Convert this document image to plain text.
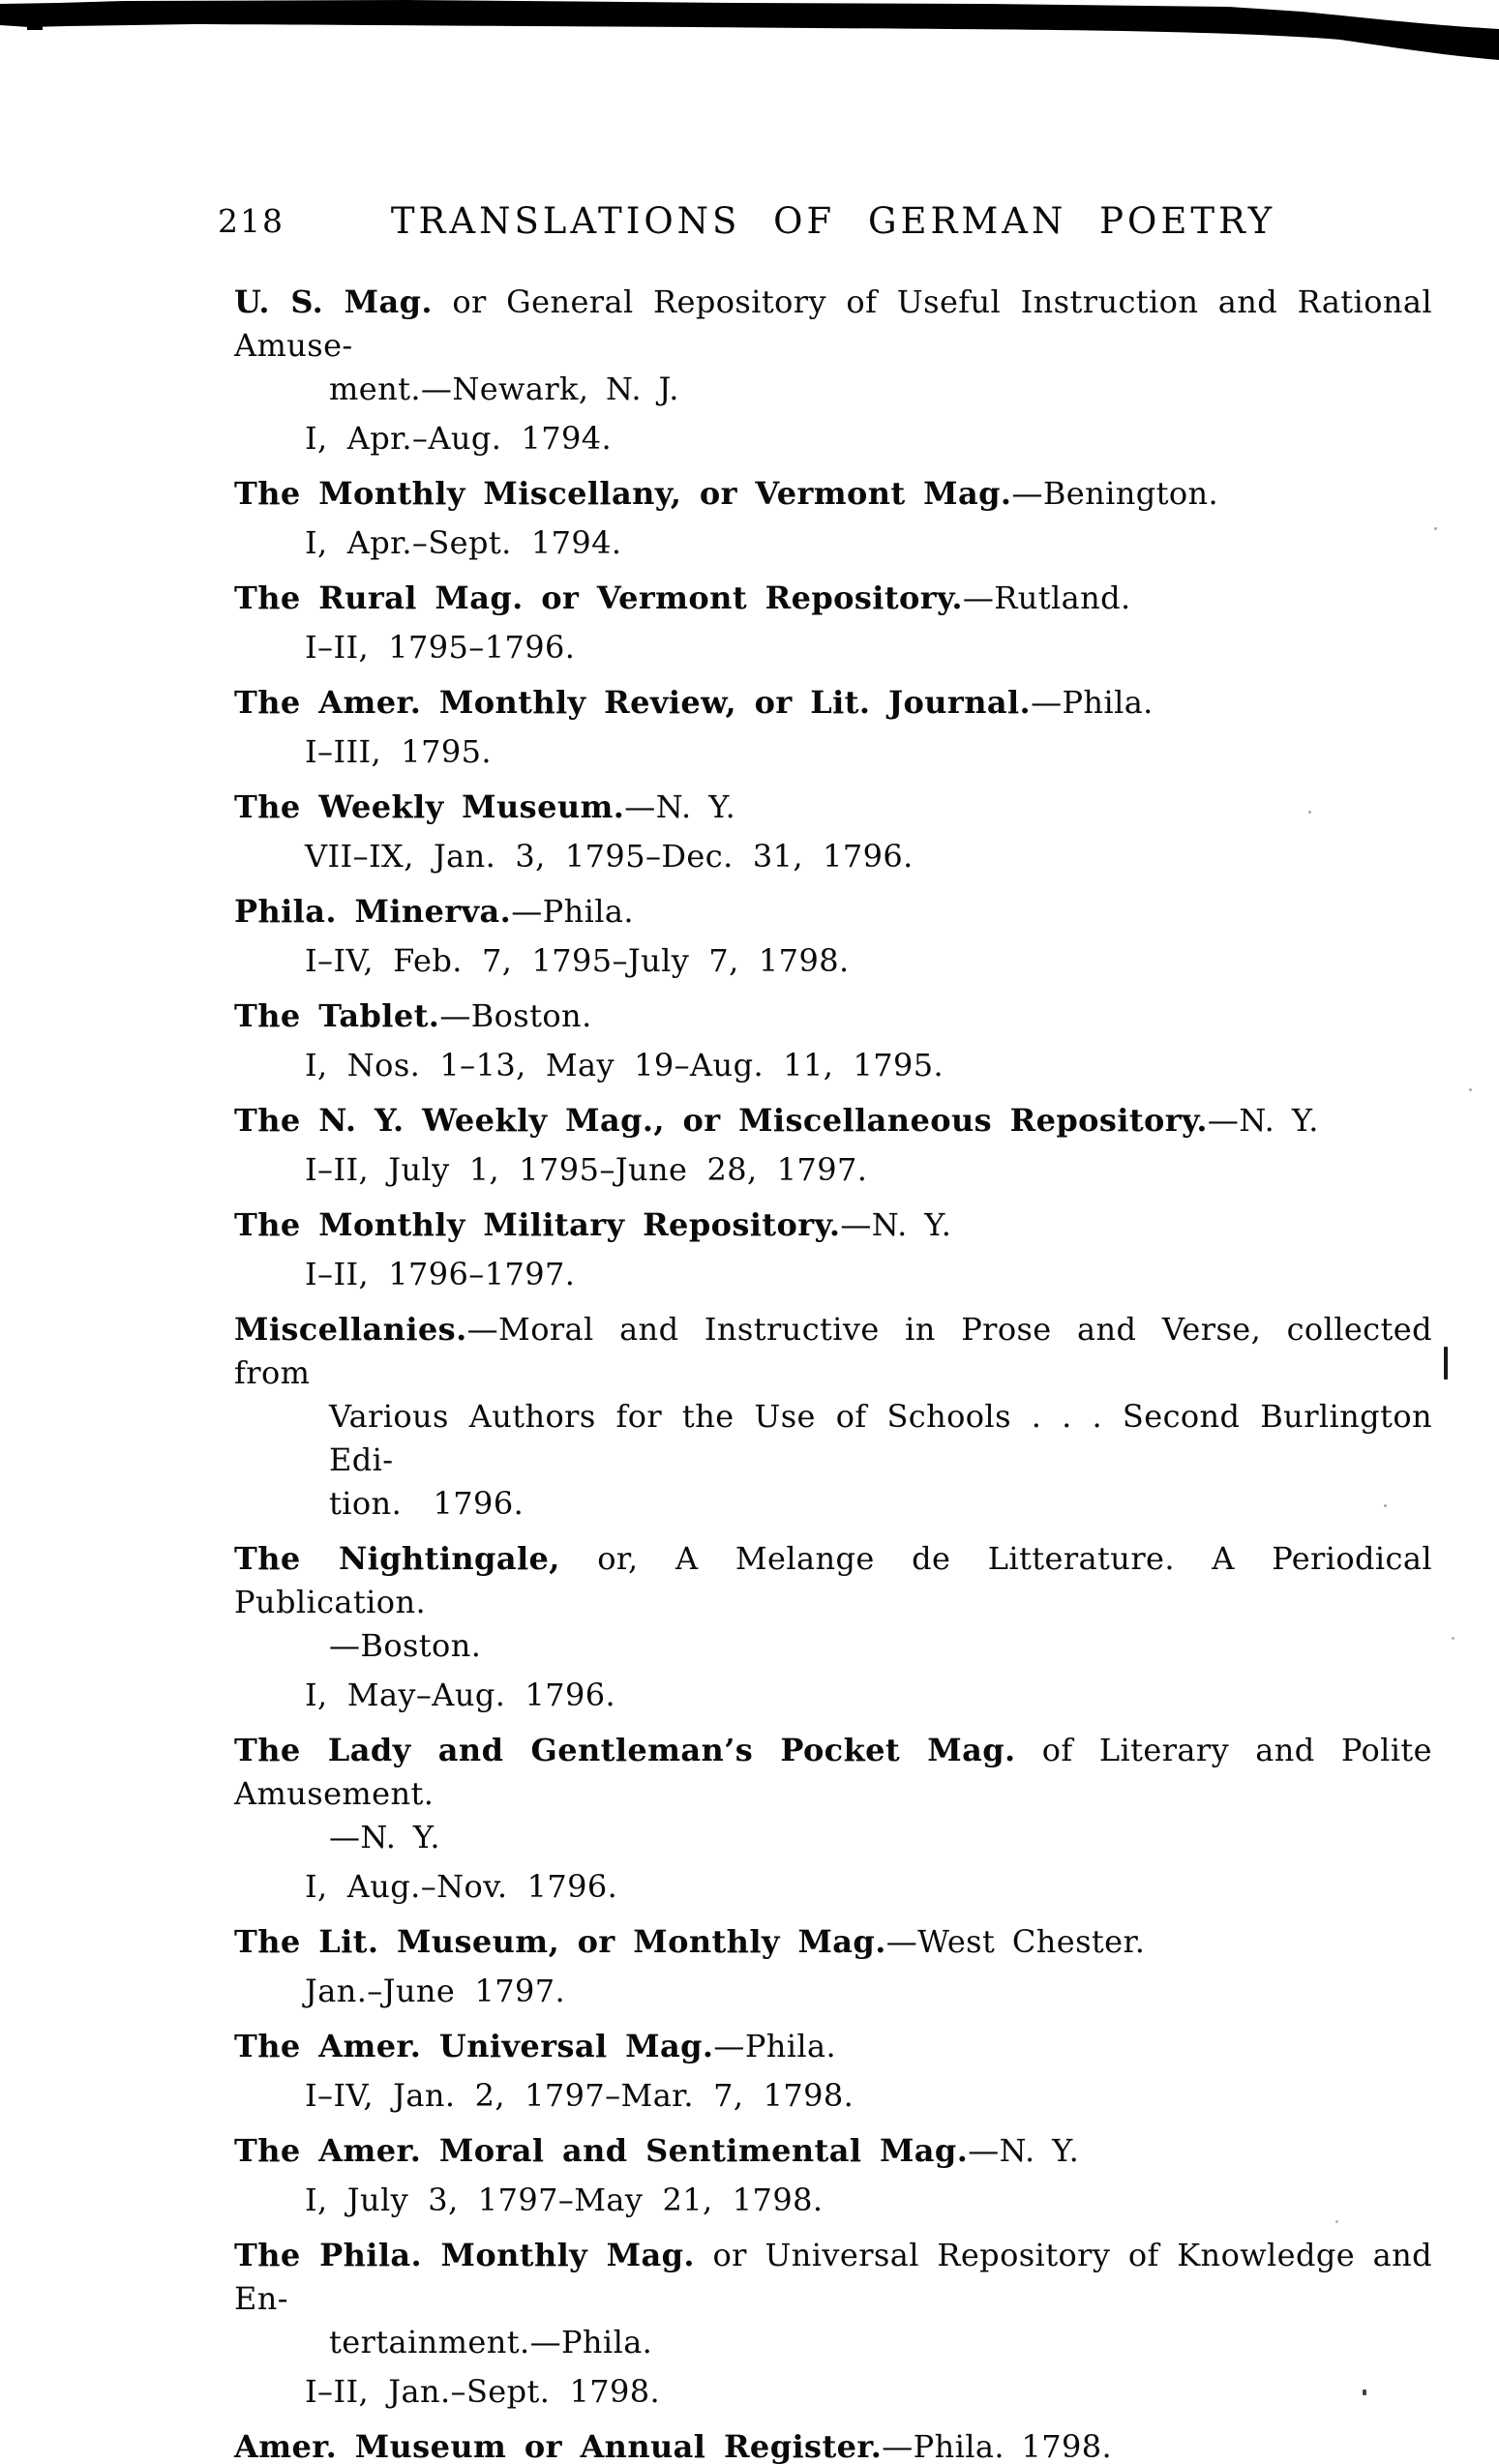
218	TRANSLATIONS OF GERMAN POETRY
U. S. Mag. or General Repository of Useful Instruction and Rational Amuse-
ment.—Newark, N. J.
I, Apr.–Aug. 1794.
The Monthly Miscellany, or Vermont Mag.—Benington.
I, Apr.–Sept. 1794.
The Rural Mag. or Vermont Repository.—Rutland.
I–II, 1795–1796.
The Amer. Monthly Review, or Lit. Journal.—Phila.
I–III, 1795.
The Weekly Museum.—N. Y.
VII–IX, Jan. 3, 1795–Dec. 31, 1796.
Phila. Minerva.—Phila.
I–IV, Feb. 7, 1795–July 7, 1798.
The Tablet.—Boston.
I, Nos. 1–13, May 19–Aug. 11, 1795.
The N. Y. Weekly Mag., or Miscellaneous Repository.—N. Y.
I–II, July 1, 1795–June 28, 1797.
The Monthly Military Repository.—N. Y.
I–II, 1796–1797.
Miscellanies.—Moral and Instructive in Prose and Verse, collected from
Various Authors for the Use of Schools . . . Second Burlington Edi-
tion. 1796.
The Nightingale, or, A Melange de Litterature. A Periodical Publication.
—Boston.
I, May–Aug. 1796.
The Lady and Gentleman’s Pocket Mag. of Literary and Polite Amusement.
—N. Y.
I, Aug.–Nov. 1796.
The Lit. Museum, or Monthly Mag.—West Chester.
Jan.–June 1797.
The Amer. Universal Mag.—Phila.
I–IV, Jan. 2, 1797–Mar. 7, 1798.
The Amer. Moral and Sentimental Mag.—N. Y.
I, July 3, 1797–May 21, 1798.
The Phila. Monthly Mag. or Universal Repository of Knowledge and En-
tertainment.—Phila.
I–II, Jan.–Sept. 1798.
Amer. Museum or Annual Register.—Phila. 1798.
